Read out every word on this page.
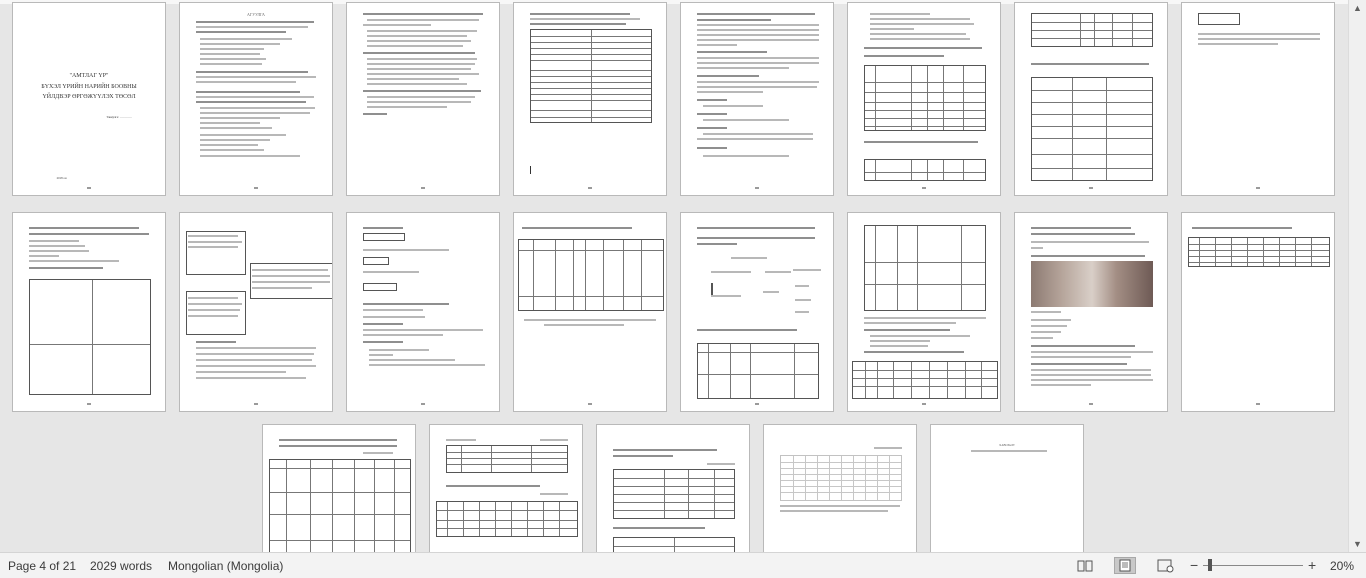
"АМТЛАГ ҮР"
БҮХЭЛ ҮРИЙН НАРИЙН БООВНЫ
ҮЙЛДВЭР ӨРГӨЖҮҮЛЭХ ТӨСӨЛ
Таниулга: …………
2018 он
АГУУЛГА
ХАВСРАЛТ
▲
▼
Page 4 of 21 2029 words Mongolian (Mongolia)	−	+ 20%
